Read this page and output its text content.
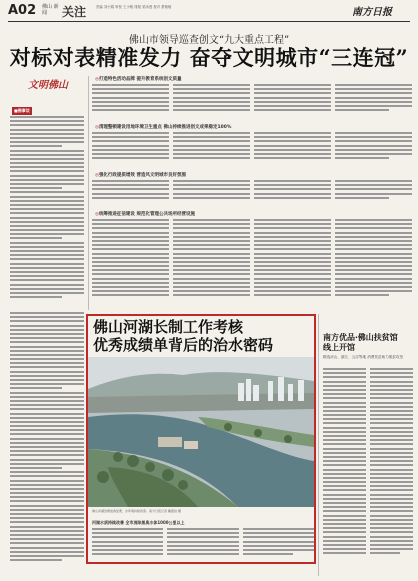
A02 佛山 新闻	关注	责编 刘小娟 审校 王小敏 排版 梁冰莲 校对 萧敏敏	南方日报
佛山市领导巡查创文“九大重点工程”
对标对表精准发力 奋夺文明城市“三连冠”
文明佛山
■佛事谈
◎打造特色活动品牌 提升教育系统创文质量
◎清理整顿建设用地环境卫生重点 佛山持续推进创文成果稳定100%
◎强化行政提质增效 营造风文明城市良好氛围
◎统筹推进征信建设 规范化管理公共场所经营设施
佛山河湖长制工作考核
优秀成绩单背后的治水密码
佛山河湖治理成效显著，水环境持续改善。南方日报记者 戴嘉信 摄
河湖水质持续改善 全市消除黑臭水体1000公里以上
南方优品·佛山扶贫馆
线上开馆
精选凉山、湛江、云浮等地 消费扶贫助力脱贫攻坚
